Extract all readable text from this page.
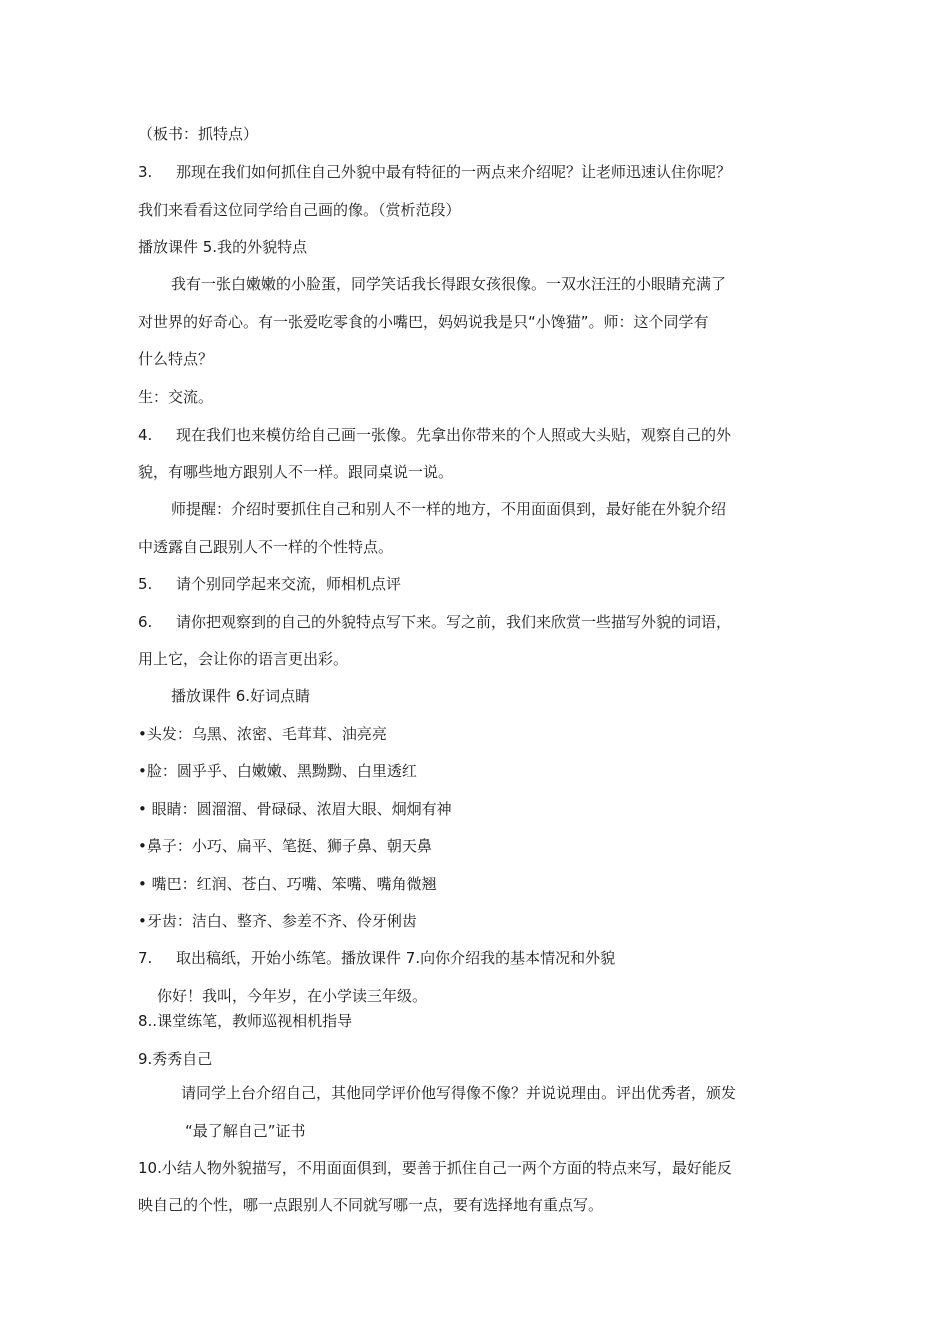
（板书：抓特点）
3. 那现在我们如何抓住自己外貌中最有特征的一两点来介绍呢？让老师迅速认住你呢？
我们来看看这位同学给自己画的像。（赏析范段）
播放课件 5.我的外貌特点
我有一张白嫩嫩的小脸蛋，同学笑话我长得跟女孩很像。一双水汪汪的小眼睛充满了
对世界的好奇心。有一张爱吃零食的小嘴巴，妈妈说我是只“小馋猫”。师：这个同学有
什么特点？
生：交流。
4. 现在我们也来模仿给自己画一张像。先拿出你带来的个人照或大头贴，观察自己的外
貌，有哪些地方跟别人不一样。跟同桌说一说。
师提醒：介绍时要抓住自己和别人不一样的地方，不用面面俱到，最好能在外貌介绍
中透露自己跟别人不一样的个性特点。
5. 请个别同学起来交流，师相机点评
6. 请你把观察到的自己的外貌特点写下来。写之前，我们来欣赏一些描写外貌的词语，
用上它，会让你的语言更出彩。
播放课件 6.好词点睛
•头发：乌黑、浓密、毛茸茸、油亮亮
•脸：圆乎乎、白嫩嫩、黑黝黝、白里透红
• 眼睛：圆溜溜、骨碌碌、浓眉大眼、炯炯有神
•鼻子：小巧、扁平、笔挺、狮子鼻、朝天鼻
• 嘴巴：红润、苍白、巧嘴、笨嘴、嘴角微翘
•牙齿：洁白、整齐、参差不齐、伶牙俐齿
7. 取出稿纸，开始小练笔。播放课件 7.向你介绍我的基本情况和外貌
你好！我叫，今年岁，在小学读三年级。
8..课堂练笔，教师巡视相机指导
9.秀秀自己
请同学上台介绍自己，其他同学评价他写得像不像？并说说理由。评出优秀者，颁发
“最了解自己”证书
10.小结人物外貌描写，不用面面俱到，要善于抓住自己一两个方面的特点来写，最好能反
映自己的个性，哪一点跟别人不同就写哪一点，要有选择地有重点写。
